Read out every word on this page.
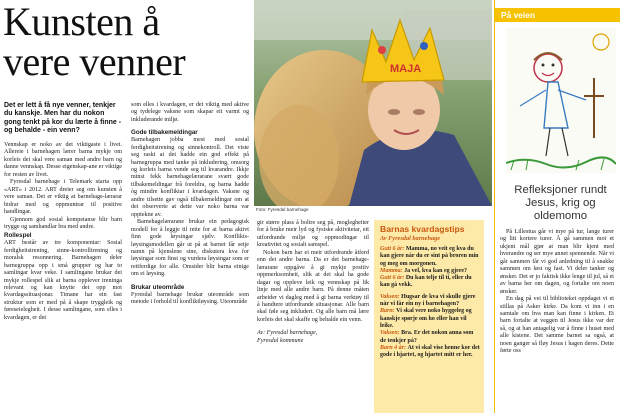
Kunsten å
vere venner
Det er lett å få nye venner, tenkjer du kanskje. Men har du nokon gong tenkt på kor du lærte å finne - og behalde - ein venn?

Vennskap er noko av det viktigaste i livet. Allereie i barnehagen lærer barna mykje om korleis dei skal vere saman med andre barn og danne vennskap. Desse eigenskap-ane er viktige for resten av livet.

Fyresdal barnehage i Telemark starta opp «ART» i 2012. ART dreier seg om kunsten å vere saman. Det er viktig at barnehage-lærarar bidrar med og oppmuntrar til positive handlingar.

Gjennom god sosial kompetanse blir barn trygge og samhandlar bra med andre.

Rollespel

ART består av tre komponentar: Sosial ferdigheitstrening, sinne-kontrolltrening og moralsk resonnering. Barnehagen deler barnegruppa opp i små grupper og har to samlingar kvar veke. I samlingane brukar dei mykje rollespel slik at barna opplever treninga relevant og kan knytte det opp mot kvardagssituasjonar. Timane har ein fast struktur som er med på å skape tryggleik og føreseielegheit. I desse samlingane, som elles i kvardagen, er det

som elles i kvardagen, er det viktig med aktive og tydelege vaksne som skapar eit varmt og inkluderande miljø.

Gode tilbakemeldingar

Barnehagen jobba mest med sosial ferdigheitstrening og sinnekontroll. Det viste seg raskt at det hadde ein god effekt på barnegruppa med tanke på inkludering, omsorg og korleis barna vende seg til kvarandre. Ikkje minst fekk barnehagelærarane svært gode tilbakemeldingar frå foreldra, og barna hadde òg mindre konfliktar i kvardagen. Vaksne og andre tilsette gav også tilbakemeldingar om at dei observerte at dette var noko barna var opptekne av.

Barnehagelærarane brukar ein pedagogisk modell for å leggje til rette for at barna aktivt finn gode løysingar sjølv. Konflikts-løysingsmodellen går ut på at barnet får setje namn på kjenslene sine, diskutera kva for løysingar som finst og vurdera løysingar som er rettferdige for alle. Omsider blir barna einige om ei løysing.

Brukar uteområde

Fyresdal barnehage brukar uteområde som metode i forhold til konfliktløysing. Uteområde

MAJA
Foto: Fyresdal barnehage

gir større plass å boltre seg på, moglegheiter for å bruke meir lyd og fysiske aktivitetar, eit utfordrande miljø og oppmodingar til kreativitet og sosialt samspel.

Nokon barn har ei meir utfordrande åtferd enn dei andre barna. Da er det barnehage-lærarane oppgåve å gi mykje positiv oppmerksomheit, slik at dei skal ha gode dagar og oppleve leik og vennskap på lik linje med alle andre barn. På denne måten arbeider vi dagleg med å gi barna verktøy til å handtere utfordrande situasjonar. Alle barn skal føle seg inkludert. Og alle barn må lære korleis dei skal skaffe og behalde ein venn.

Av: Fyresdal barnehage,
Fyresdal kommune

Barnas kvardagstips
Av Fyresdal barnehage

Gutt 6 år: Mamma, no veit eg kva du kan gjere når du er sint på broren min og meg om morgonen.
Mamma: Ja vel, kva kan eg gjere?
Gutt 6 år: Du kan telje til ti, eller du kan gå vekk.

Vaksen: Hugsar de kva vi skulle gjere når vi får ein ny i barnehagen?
Barn: Vi skal vere noko hyggeleg og kanskje spørje om ho eller han vil leike.
Vaksen: Bra. Er det nokon anna som de tenkjer på?
Barn 4 år: At vi skal vise henne kor det gode i hjartet, og hjartet mitt er her.

På veien
Refleksjoner rundt Jesus, krig og oldemomo

På Lillestua går vi mye på tur, lange turer og litt kortere turer. Å gå sammen mot et ukjent mål gjør at man blir kjent med hverandre og ser mye annet spennende. Når vi går sammen får vi god anledning til å snakke sammen om løst og fast. Vi deler tanker og ønsker. Det er jo faktisk ikke lenge til jul, så et av barna her om dagen, og fortalte om noen ønsker.

En dag på vei til biblioteket oppdaget vi et stillas på Asker kirke. Da kom vi inn i en samtale om hva man kan finne i kirken. Et barn fortalte at veggen til Jesus ikke var der så, og at han antagelig var å finne i huset med alle kistene. Det samme barnet sa også, at noen ganger så fløy Jesus i hagen deres. Dette førte oss
